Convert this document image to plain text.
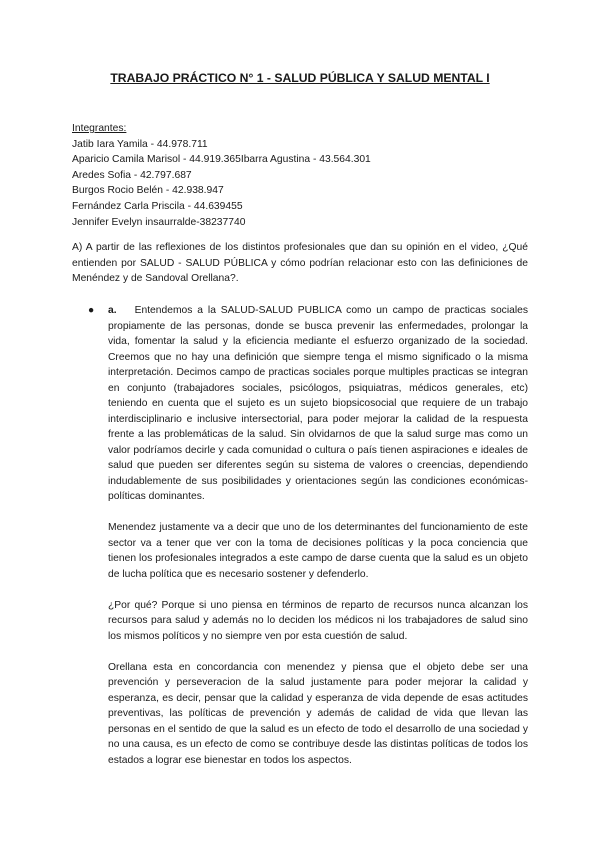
TRABAJO PRÁCTICO N° 1 - SALUD PÚBLICA Y SALUD MENTAL I
Integrantes:
Jatib Iara Yamila - 44.978.711
Aparicio Camila Marisol - 44.919.365Ibarra Agustina - 43.564.301
Aredes Sofia - 42.797.687
Burgos Rocio Belén - 42.938.947
Fernández Carla Priscila - 44.639455
Jennifer Evelyn insaurralde-38237740
A) A partir de las reflexiones de los distintos profesionales que dan su opinión en el video, ¿Qué entienden por SALUD - SALUD PÚBLICA y cómo podrían relacionar esto con las definiciones de Menéndez y de Sandoval Orellana?.
● a. Entendemos a la SALUD-SALUD PUBLICA como un campo de practicas sociales propiamente de las personas, donde se busca prevenir las enfermedades, prolongar la vida, fomentar la salud y la eficiencia mediante el esfuerzo organizado de la sociedad. Creemos que no hay una definición que siempre tenga el mismo significado o la misma interpretación. Decimos campo de practicas sociales porque multiples practicas se integran en conjunto (trabajadores sociales, psicólogos, psiquiatras, médicos generales, etc) teniendo en cuenta que el sujeto es un sujeto biopsicosocial que requiere de un trabajo interdisciplinario e inclusive intersectorial, para poder mejorar la calidad de la respuesta frente a las problemáticas de la salud. Sin olvidarnos de que la salud surge mas como un valor podríamos decirle y cada comunidad o cultura o país tienen aspiraciones e ideales de salud que pueden ser diferentes según su sistema de valores o creencias, dependiendo indudablemente de sus posibilidades y orientaciones según las condiciones económicas-políticas dominantes.

Menendez justamente va a decir que uno de los determinantes del funcionamiento de este sector va a tener que ver con la toma de decisiones políticas y la poca conciencia que tienen los profesionales integrados a este campo de darse cuenta que la salud es un objeto de lucha política que es necesario sostener y defenderlo.

¿Por qué? Porque si uno piensa en términos de reparto de recursos nunca alcanzan los recursos para salud y además no lo deciden los médicos ni los trabajadores de salud sino los mismos políticos y no siempre ven por esta cuestión de salud.

Orellana esta en concordancia con menendez y piensa que el objeto debe ser una prevención y perseveracion de la salud justamente para poder mejorar la calidad y esperanza, es decir, pensar que la calidad y esperanza de vida depende de esas actitudes preventivas, las políticas de prevención y además de calidad de vida que llevan las personas en el sentido de que la salud es un efecto de todo el desarrollo de una sociedad y no una causa, es un efecto de como se contribuye desde las distintas políticas de todos los estados a lograr ese bienestar en todos los aspectos.
